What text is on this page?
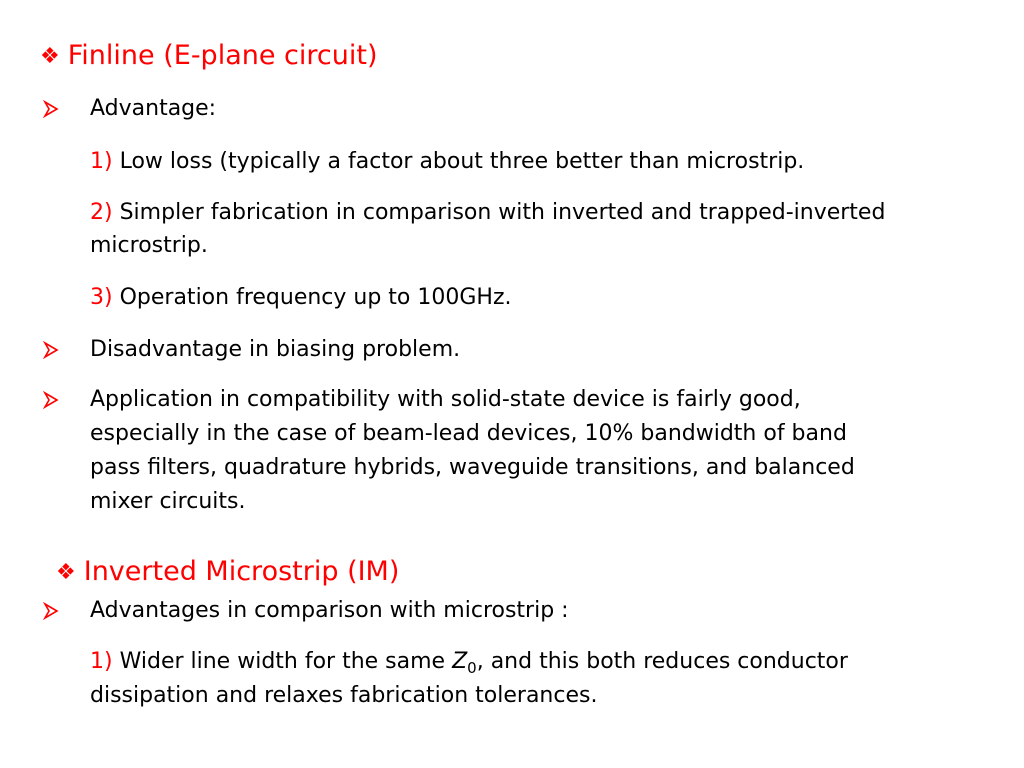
❖ Finline (E-plane circuit)
Advantage:
1) Low loss (typically a factor about three better than microstrip.
2) Simpler fabrication in comparison with inverted and trapped-inverted
microstrip.
3) Operation frequency up to 100GHz.
Disadvantage in biasing problem.
Application in compatibility with solid-state device is fairly good,
especially in the case of beam-lead devices, 10% bandwidth of band
pass filters, quadrature hybrids, waveguide transitions, and balanced
mixer circuits.
❖ Inverted Microstrip (IM)
Advantages in comparison with microstrip :
1) Wider line width for the same $Z_0$, and this both reduces conductor
dissipation and relaxes fabrication tolerances.
